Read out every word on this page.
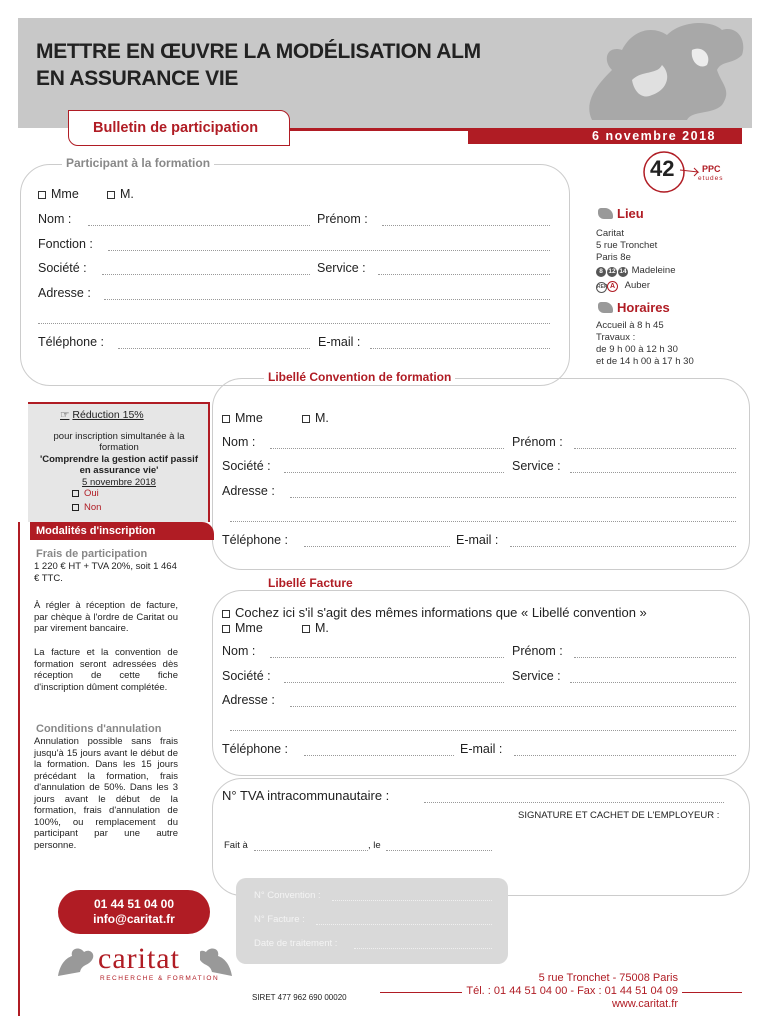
METTRE EN ŒUVRE LA MODÉLISATION ALM
EN ASSURANCE VIE
Bulletin de participation	6 novembre 2018
42	PPC
etudes
Participant à la formation
Mme	M.
Nom :	Prénom :
Fonction :
Société :	Service :
Adresse :
Téléphone :	E-mail :
Lieu
Caritat
5 rue Tronchet
Paris 8e
8 12 14 Madeleine
RER A Auber
Horaires
Accueil à 8 h 45
Travaux :
de 9 h 00 à 12 h 30
et de 14 h 00 à 17 h 30
Libellé Convention de formation
Mme	M.
Nom :	Prénom :
Société :	Service :
Adresse :
Téléphone :	E-mail :
☞ Réduction 15%
pour inscription simultanée à la formation
'Comprendre la gestion actif passif en assurance vie'
5 novembre 2018
Oui
Non
Modalités d'inscription
Frais de participation
1 220 € HT + TVA 20%, soit 1 464 € TTC.
À régler à réception de facture, par chèque à l'ordre de Caritat ou par virement bancaire.
La facture et la convention de formation seront adressées dès réception de cette fiche d'inscription dûment complétée.
Conditions d'annulation
Annulation possible sans frais jusqu'à 15 jours avant le début de la formation. Dans les 15 jours précédant la formation, frais d'annulation de 50%. Dans les 3 jours avant le début de la formation, frais d'annulation de 100%, ou remplacement du participant par une autre personne.
Libellé Facture
Cochez ici s'il s'agit des mêmes informations que « Libellé convention »
Mme	M.
Nom :	Prénom :
Société :	Service :
Adresse :
Téléphone :	E-mail :
N° TVA intracommunautaire :
SIGNATURE ET CACHET DE L'EMPLOYEUR :
Fait à	, le
N° Convention :
N° Facture :
Date de traitement :
01 44 51 04 00
info@caritat.fr
caritat
RECHERCHE & FORMATION
SIRET 477 962 690 00020
5 rue Tronchet - 75008 Paris
Tél. : 01 44 51 04 00 - Fax : 01 44 51 04 09
www.caritat.fr
